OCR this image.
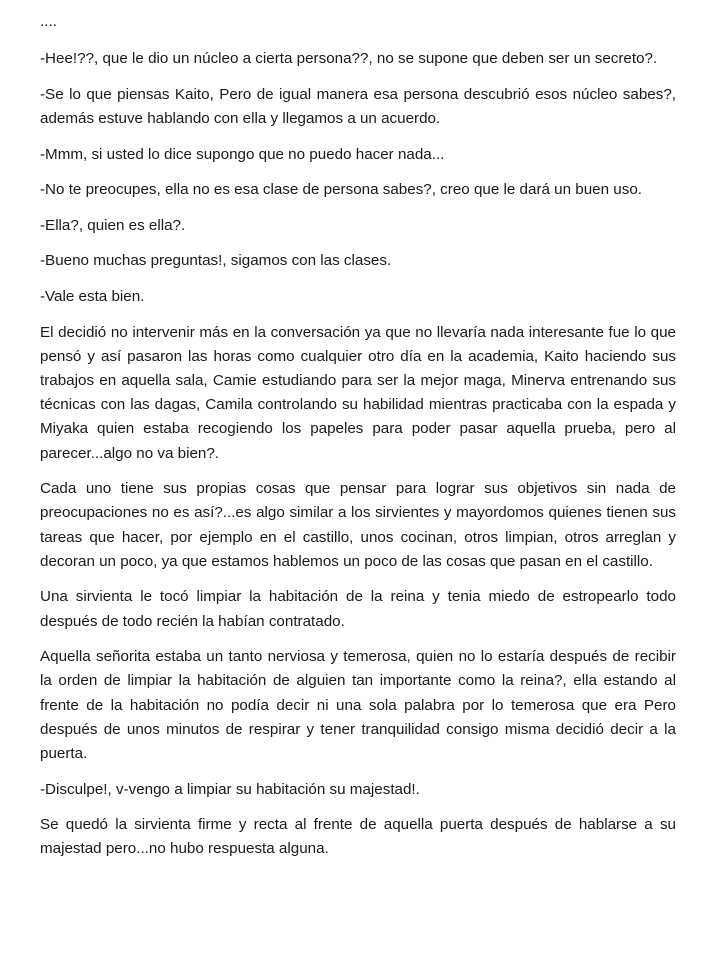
....

-Hee!??, que le dio un núcleo a cierta persona??, no se supone que deben ser un secreto?.

-Se lo que piensas Kaito, Pero de igual manera esa persona descubrió esos núcleo sabes?, además estuve hablando con ella y llegamos a un acuerdo.

-Mmm, si usted lo dice supongo que no puedo hacer nada...

-No te preocupes, ella no es esa clase de persona sabes?, creo que le dará un buen uso.

-Ella?, quien es ella?.

-Bueno muchas preguntas!, sigamos con las clases.

-Vale esta bien.

El decidió no intervenir más en la conversación ya que no llevaría nada interesante fue lo que pensó y así pasaron las horas como cualquier otro día en la academia, Kaito haciendo sus trabajos en aquella sala, Camie estudiando para ser la mejor maga, Minerva entrenando sus técnicas con las dagas, Camila controlando su habilidad mientras practicaba con la espada y Miyaka quien estaba recogiendo los papeles para poder pasar aquella prueba, pero al parecer...algo no va bien?.

Cada uno tiene sus propias cosas que pensar para lograr sus objetivos sin nada de preocupaciones no es así?...es algo similar a los sirvientes y mayordomos quienes tienen sus tareas que hacer, por ejemplo en el castillo, unos cocinan, otros limpian, otros arreglan y decoran un poco, ya que estamos hablemos un poco de las cosas que pasan en el castillo.

Una sirvienta le tocó limpiar la habitación de la reina y tenia miedo de estropearlo todo después de todo recién la habían contratado.

Aquella señorita estaba un tanto nerviosa y temerosa, quien no lo estaría después de recibir la orden de limpiar la habitación de alguien tan importante como la reina?, ella estando al frente de la habitación no podía decir ni una sola palabra por lo temerosa que era Pero después de unos minutos de respirar y tener tranquilidad consigo misma decidió decir a la puerta.

-Disculpe!, v-vengo a limpiar su habitación su majestad!.

Se quedó la sirvienta firme y recta al frente de aquella puerta después de hablarse a su majestad pero...no hubo respuesta alguna.
